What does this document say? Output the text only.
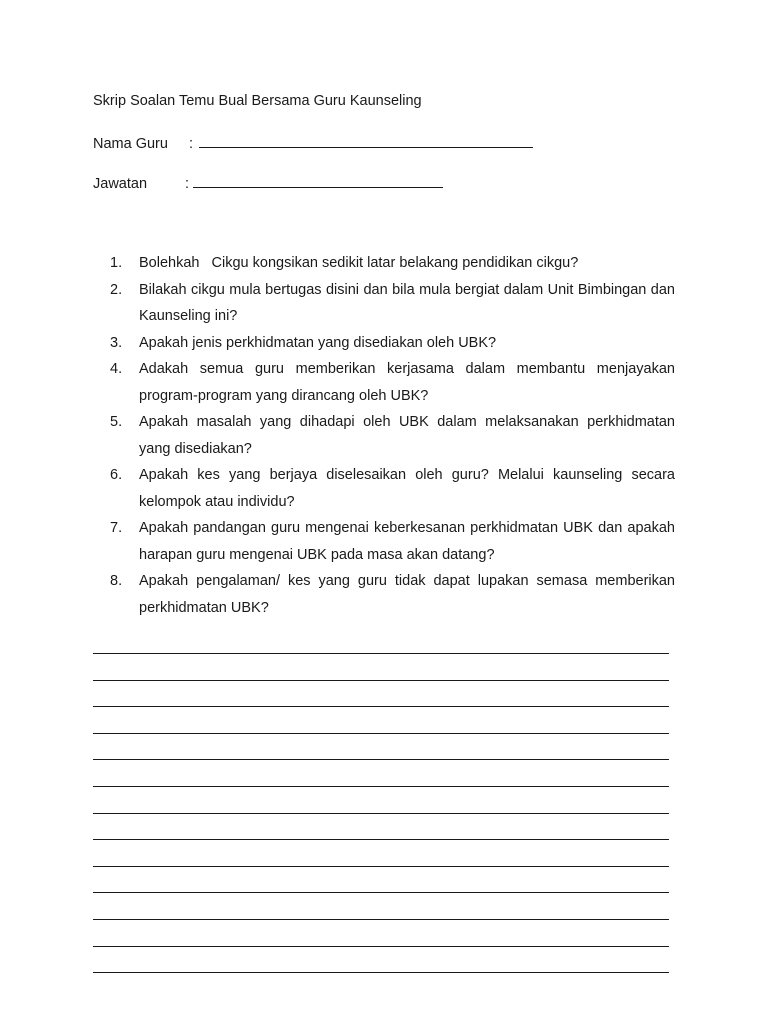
Skrip Soalan Temu Bual Bersama Guru Kaunseling
Nama Guru :
Jawatan	:
1. Bolehkah   Cikgu kongsikan sedikit latar belakang pendidikan cikgu?
2. Bilakah cikgu mula bertugas disini dan bila mula bergiat dalam Unit Bimbingan dan Kaunseling ini?
3. Apakah jenis perkhidmatan yang disediakan oleh UBK?
4. Adakah semua guru memberikan kerjasama dalam membantu menjayakan program-program yang dirancang oleh UBK?
5. Apakah masalah yang dihadapi oleh UBK dalam melaksanakan perkhidmatan yang disediakan?
6. Apakah kes yang berjaya diselesaikan oleh guru? Melalui kaunseling secara kelompok atau individu?
7. Apakah pandangan guru mengenai keberkesanan perkhidmatan UBK dan apakah harapan guru mengenai UBK pada masa akan datang?
8. Apakah pengalaman/ kes yang guru tidak dapat lupakan semasa memberikan perkhidmatan UBK?
